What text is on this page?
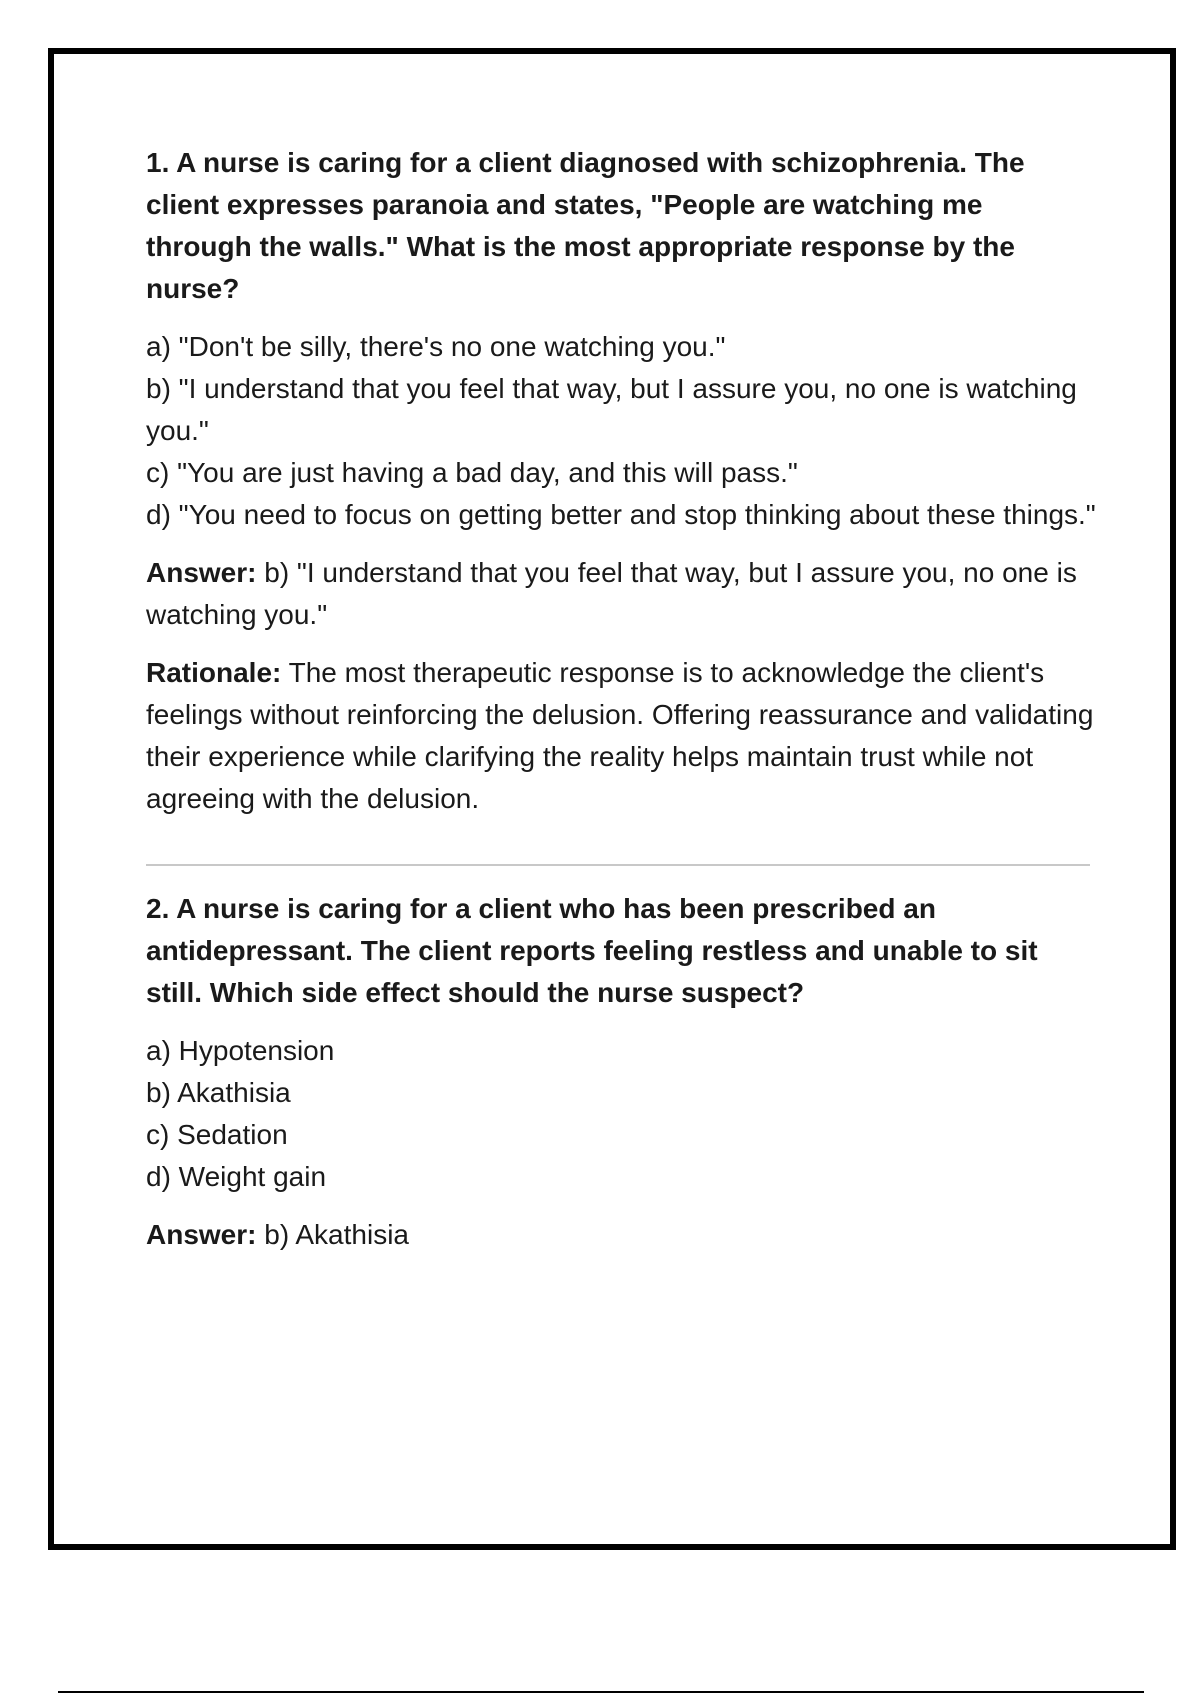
1. A nurse is caring for a client diagnosed with schizophrenia. The client expresses paranoia and states, "People are watching me through the walls." What is the most appropriate response by the nurse?

a) "Don't be silly, there's no one watching you."
b) "I understand that you feel that way, but I assure you, no one is watching you."
c) "You are just having a bad day, and this will pass."
d) "You need to focus on getting better and stop thinking about these things."

Answer: b) "I understand that you feel that way, but I assure you, no one is watching you."

Rationale: The most therapeutic response is to acknowledge the client's feelings without reinforcing the delusion. Offering reassurance and validating their experience while clarifying the reality helps maintain trust while not agreeing with the delusion.

2. A nurse is caring for a client who has been prescribed an antidepressant. The client reports feeling restless and unable to sit still. Which side effect should the nurse suspect?

a) Hypotension
b) Akathisia
c) Sedation
d) Weight gain

Answer: b) Akathisia
